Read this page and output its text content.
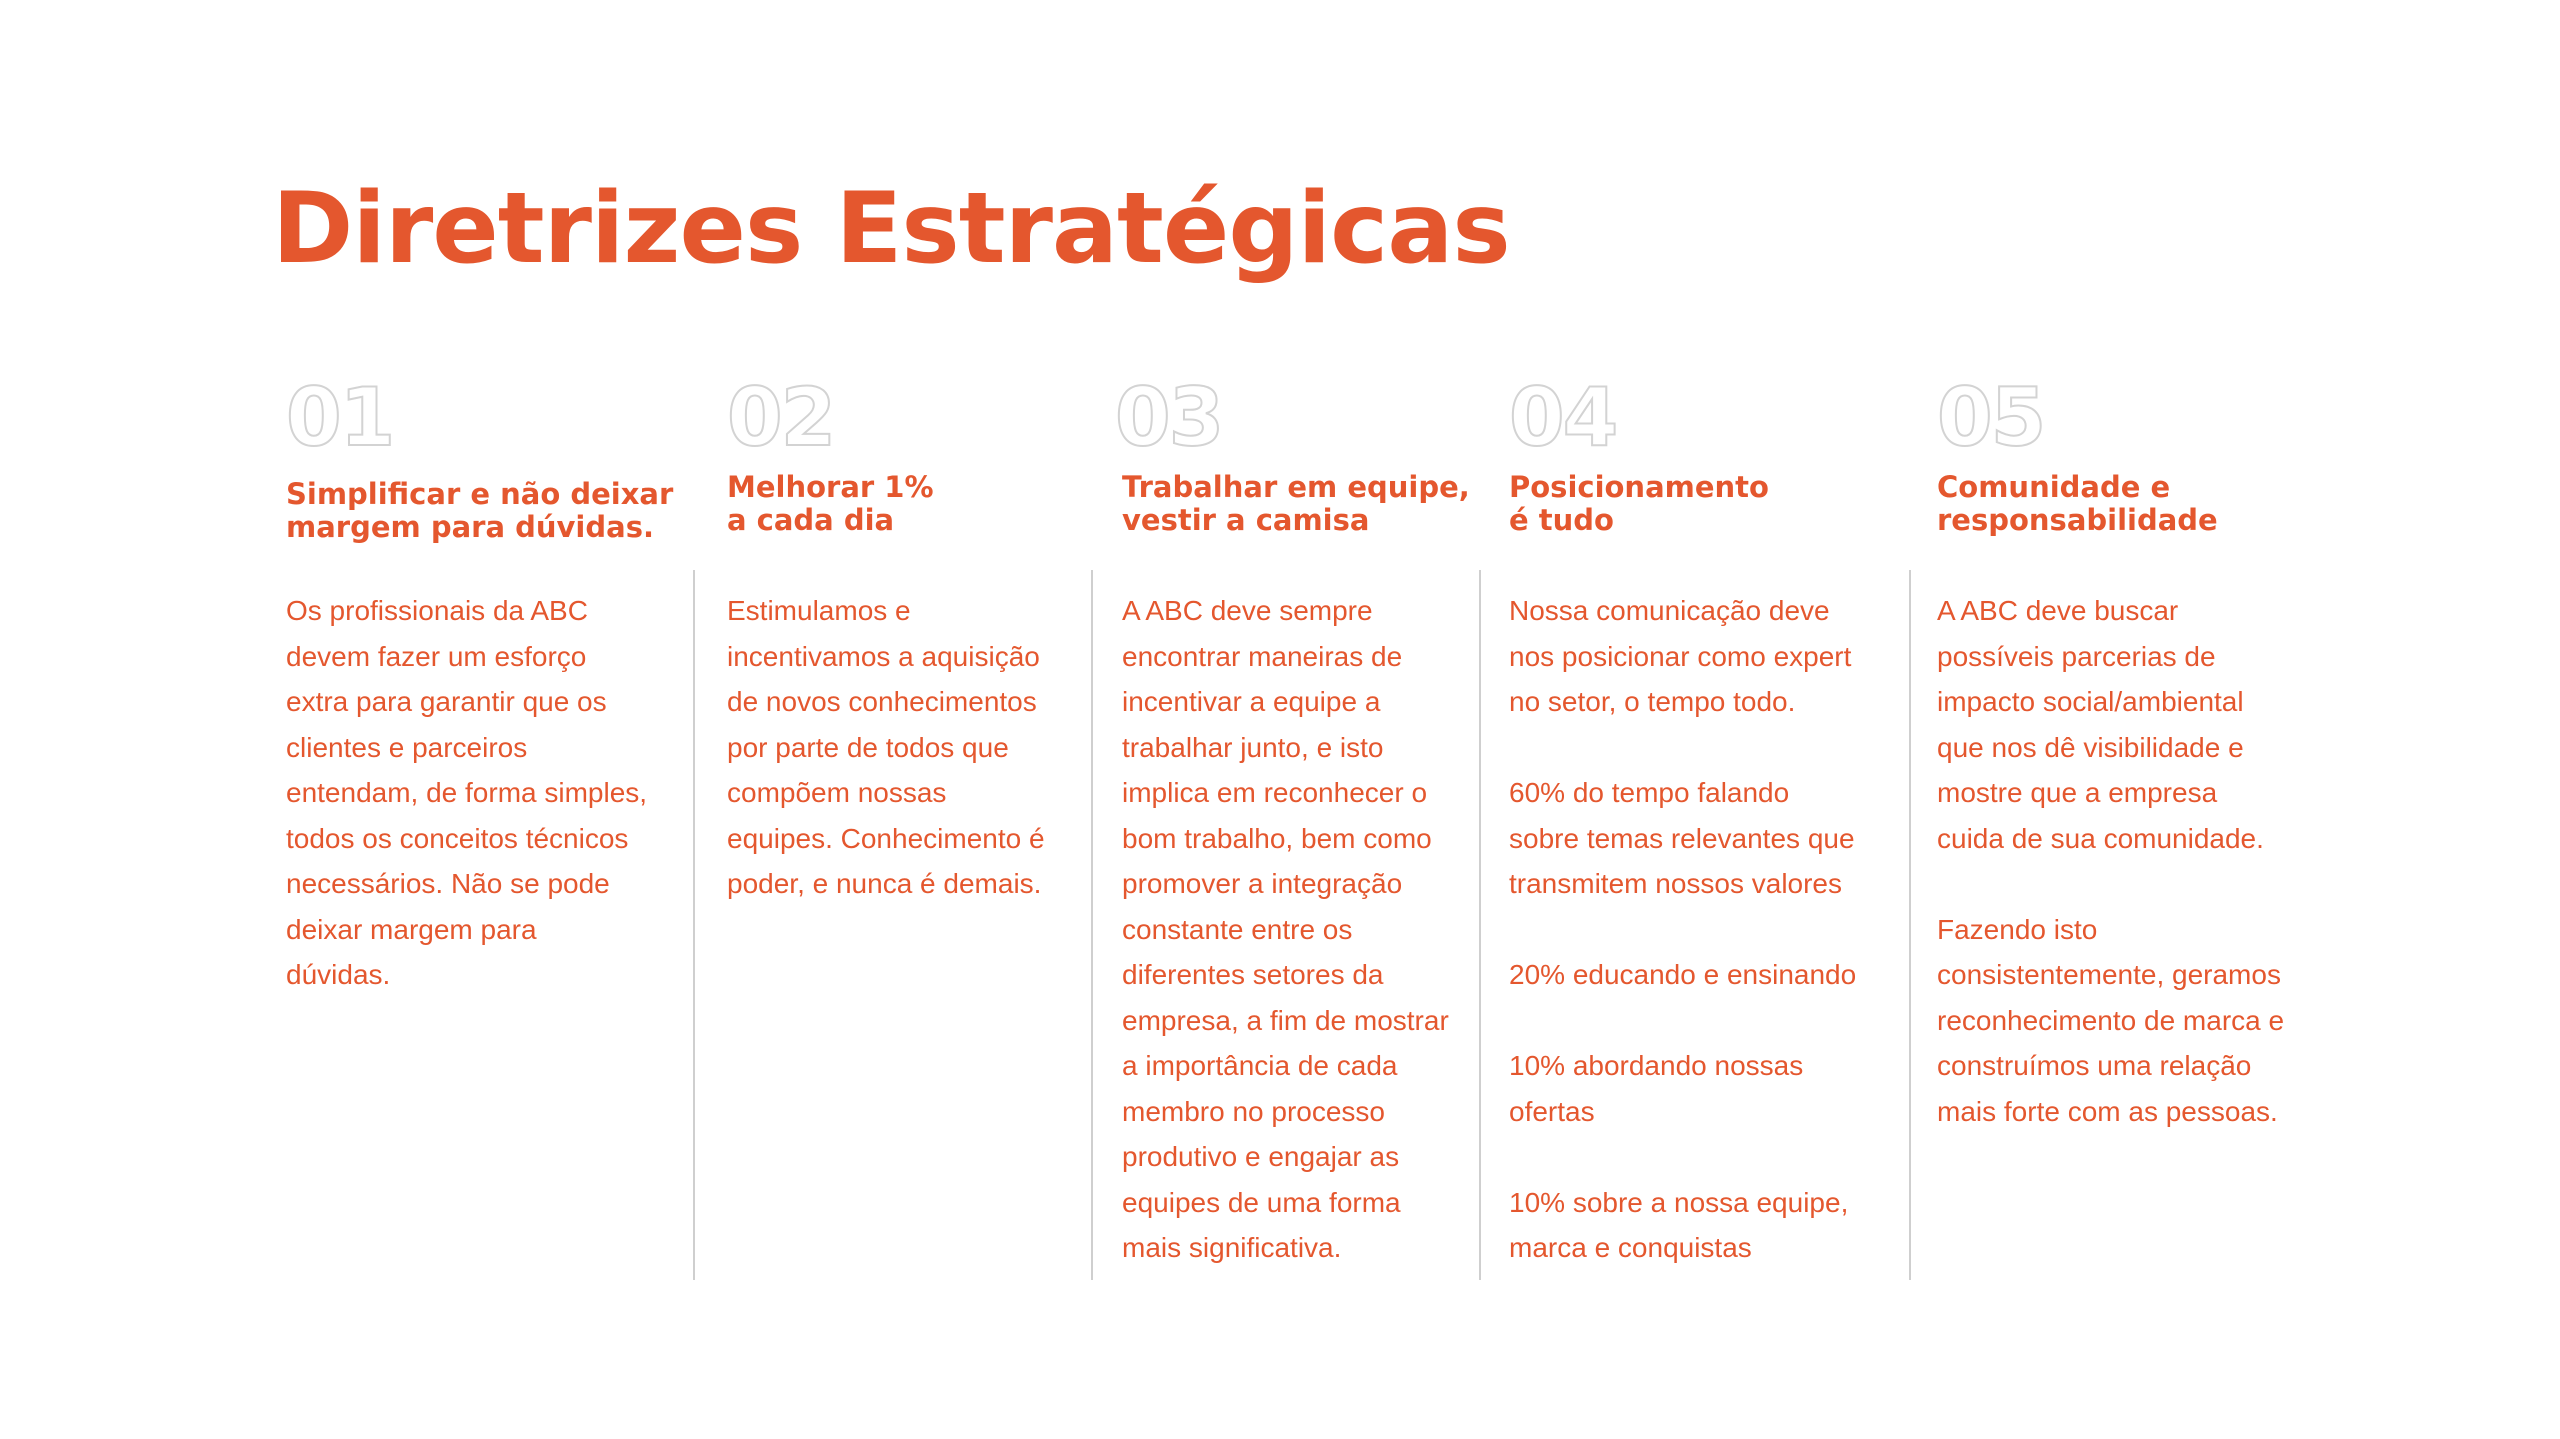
Diretrizes Estratégicas
01
Simplificar e não deixar
margem para dúvidas.

Os profissionais da ABC
devem fazer um esforço
extra para garantir que os
clientes e parceiros
entendam, de forma simples,
todos os conceitos técnicos
necessários. Não se pode
deixar margem para
dúvidas.

02
Melhorar 1%
a cada dia

Estimulamos e
incentivamos a aquisição
de novos conhecimentos
por parte de todos que
compõem nossas
equipes. Conhecimento é
poder, e nunca é demais.

03
Trabalhar em equipe,
vestir a camisa

A ABC deve sempre
encontrar maneiras de
incentivar a equipe a
trabalhar junto, e isto
implica em reconhecer o
bom trabalho, bem como
promover a integração
constante entre os
diferentes setores da
empresa, a fim de mostrar
a importância de cada
membro no processo
produtivo e engajar as
equipes de uma forma
mais significativa.

04
Posicionamento
é tudo

Nossa comunicação deve
nos posicionar como expert
no setor, o tempo todo.

60% do tempo falando
sobre temas relevantes que
transmitem nossos valores

20% educando e ensinando

10% abordando nossas
ofertas

10% sobre a nossa equipe,
marca e conquistas

05
Comunidade e
responsabilidade

A ABC deve buscar
possíveis parcerias de
impacto social/ambiental
que nos dê visibilidade e
mostre que a empresa
cuida de sua comunidade.

Fazendo isto
consistentemente, geramos
reconhecimento de marca e
construímos uma relação
mais forte com as pessoas.
